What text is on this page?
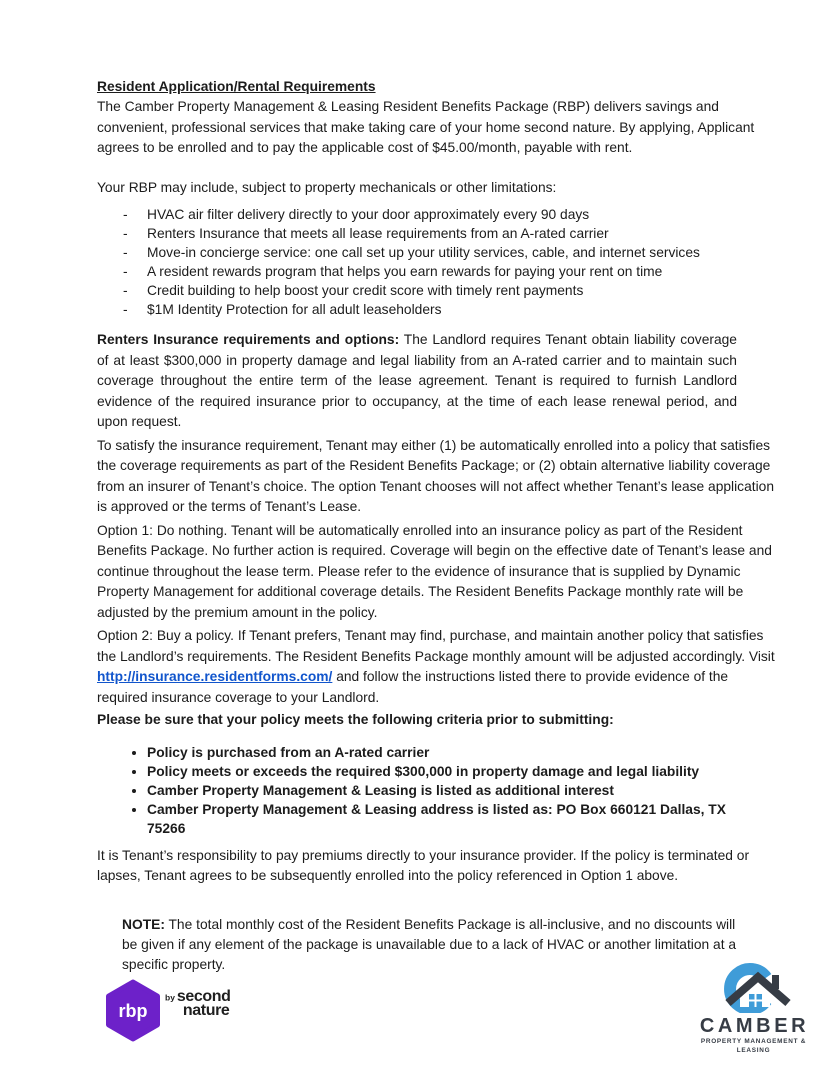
Resident Application/Rental Requirements

The Camber Property Management & Leasing Resident Benefits Package (RBP) delivers savings and convenient, professional services that make taking care of your home second nature. By applying, Applicant agrees to be enrolled and to pay the applicable cost of $45.00/month, payable with rent.

Your RBP may include, subject to property mechanicals or other limitations:

- HVAC air filter delivery directly to your door approximately every 90 days
- Renters Insurance that meets all lease requirements from an A-rated carrier
- Move-in concierge service: one call set up your utility services, cable, and internet services
- A resident rewards program that helps you earn rewards for paying your rent on time
- Credit building to help boost your credit score with timely rent payments
- $1M Identity Protection for all adult leaseholders

Renters Insurance requirements and options: The Landlord requires Tenant obtain liability coverage of at least $300,000 in property damage and legal liability from an A-rated carrier and to maintain such coverage throughout the entire term of the lease agreement. Tenant is required to furnish Landlord evidence of the required insurance prior to occupancy, at the time of each lease renewal period, and upon request.

To satisfy the insurance requirement, Tenant may either (1) be automatically enrolled into a policy that satisfies the coverage requirements as part of the Resident Benefits Package; or (2) obtain alternative liability coverage from an insurer of Tenant’s choice. The option Tenant chooses will not affect whether Tenant’s lease application is approved or the terms of Tenant’s Lease.

Option 1: Do nothing. Tenant will be automatically enrolled into an insurance policy as part of the Resident Benefits Package. No further action is required. Coverage will begin on the effective date of Tenant’s lease and continue throughout the lease term. Please refer to the evidence of insurance that is supplied by Dynamic Property Management for additional coverage details. The Resident Benefits Package monthly rate will be adjusted by the premium amount in the policy.

Option 2: Buy a policy. If Tenant prefers, Tenant may find, purchase, and maintain another policy that satisfies the Landlord’s requirements. The Resident Benefits Package monthly amount will be adjusted accordingly. Visit http://insurance.residentforms.com/ and follow the instructions listed there to provide evidence of the required insurance coverage to your Landlord.

Please be sure that your policy meets the following criteria prior to submitting:

• Policy is purchased from an A-rated carrier
• Policy meets or exceeds the required $300,000 in property damage and legal liability
• Camber Property Management & Leasing is listed as additional interest
• Camber Property Management & Leasing address is listed as: PO Box 660121 Dallas, TX 75266

It is Tenant’s responsibility to pay premiums directly to your insurance provider. If the policy is terminated or lapses, Tenant agrees to be subsequently enrolled into the policy referenced in Option 1 above.

NOTE: The total monthly cost of the Resident Benefits Package is all-inclusive, and no discounts will be given if any element of the package is unavailable due to a lack of HVAC or another limitation at a specific property.

rbp
$^{by}$ second
nature
CAMBER
PROPERTY MANAGEMENT & LEASING
